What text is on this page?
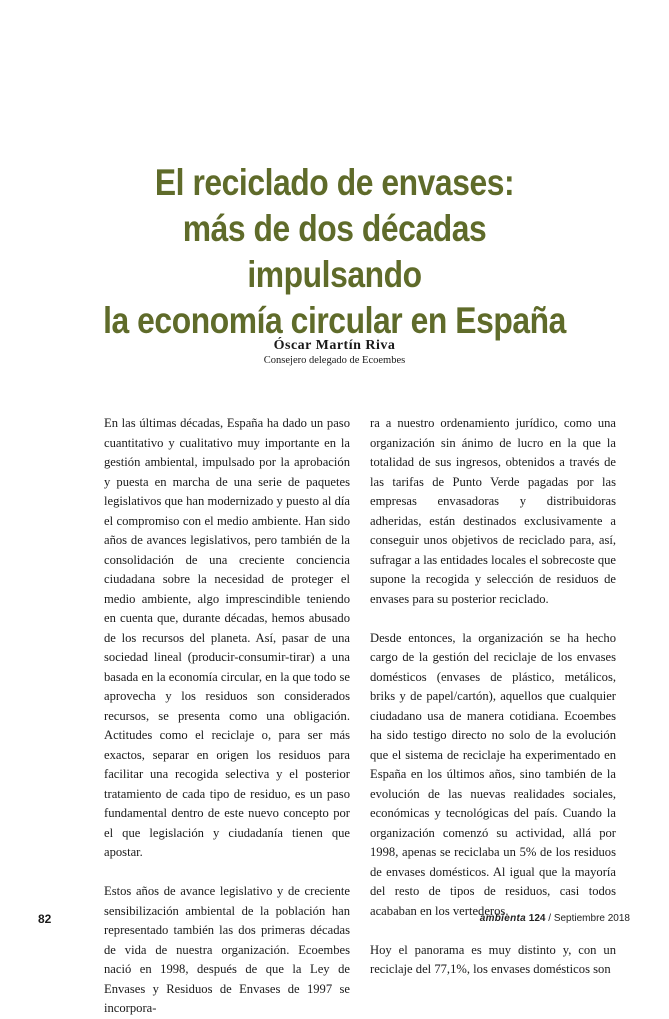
El reciclado de envases:
más de dos décadas impulsando
la economía circular en España
Óscar Martín Riva
Consejero delegado de Ecoembes

En las últimas décadas, España ha dado un paso cuantitativo y cualitativo muy importante en la gestión ambiental, impulsado por la aprobación y puesta en marcha de una serie de paquetes legislativos que han modernizado y puesto al día el compromiso con el medio ambiente. Han sido años de avances legislativos, pero también de la consolidación de una creciente conciencia ciudadana sobre la necesidad de proteger el medio ambiente, algo imprescindible teniendo en cuenta que, durante décadas, hemos abusado de los recursos del planeta. Así, pasar de una sociedad lineal (producir-consumir-tirar) a una basada en la economía circular, en la que todo se aprovecha y los residuos son considerados recursos, se presenta como una obligación. Actitudes como el reciclaje o, para ser más exactos, separar en origen los residuos para facilitar una recogida selectiva y el posterior tratamiento de cada tipo de residuo, es un paso fundamental dentro de este nuevo concepto por el que legislación y ciudadanía tienen que apostar.

Estos años de avance legislativo y de creciente sensibilización ambiental de la población han representado también las dos primeras décadas de vida de nuestra organización. Ecoembes nació en 1998, después de que la Ley de Envases y Residuos de Envases de 1997 se incorpora-

ra a nuestro ordenamiento jurídico, como una organización sin ánimo de lucro en la que la totalidad de sus ingresos, obtenidos a través de las tarifas de Punto Verde pagadas por las empresas envasadoras y distribuidoras adheridas, están destinados exclusivamente a conseguir unos objetivos de reciclado para, así, sufragar a las entidades locales el sobrecoste que supone la recogida y selección de residuos de envases para su posterior reciclado.

Desde entonces, la organización se ha hecho cargo de la gestión del reciclaje de los envases domésticos (envases de plástico, metálicos, briks y de papel/cartón), aquellos que cualquier ciudadano usa de manera cotidiana. Ecoembes ha sido testigo directo no solo de la evolución que el sistema de reciclaje ha experimentado en España en los últimos años, sino también de la evolución de las nuevas realidades sociales, económicas y tecnológicas del país. Cuando la organización comenzó su actividad, allá por 1998, apenas se reciclaba un 5% de los residuos de envases domésticos. Al igual que la mayoría del resto de tipos de residuos, casi todos acababan en los vertederos.

Hoy el panorama es muy distinto y, con un reciclaje del 77,1%, los envases domésticos son

82	ambienta 124 / Septiembre 2018
